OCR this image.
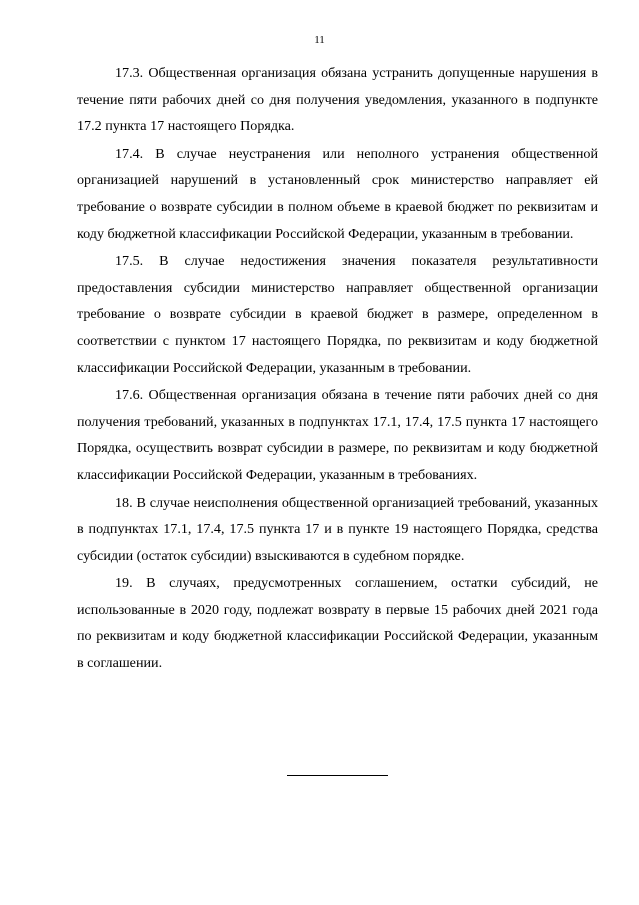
11

17.3. Общественная организация обязана устранить допущенные нарушения в течение пяти рабочих дней со дня получения уведомления, указанного в подпункте 17.2 пункта 17 настоящего Порядка.

17.4. В случае неустранения или неполного устранения общественной организацией нарушений в установленный срок министерство направляет ей требование о возврате субсидии в полном объеме в краевой бюджет по реквизитам и коду бюджетной классификации Российской Федерации, указанным в требовании.

17.5. В случае недостижения значения показателя результативности предоставления субсидии министерство направляет общественной организации требование о возврате субсидии в краевой бюджет в размере, определенном в соответствии с пунктом 17 настоящего Порядка, по реквизитам и коду бюджетной классификации Российской Федерации, указанным в требовании.

17.6. Общественная организация обязана в течение пяти рабочих дней со дня получения требований, указанных в подпунктах 17.1, 17.4, 17.5 пункта 17 настоящего Порядка, осуществить возврат субсидии в размере, по реквизитам и коду бюджетной классификации Российской Федерации, указанным в требованиях.

18. В случае неисполнения общественной организацией требований, указанных в подпунктах 17.1, 17.4, 17.5 пункта 17 и в пункте 19 настоящего Порядка, средства субсидии (остаток субсидии) взыскиваются в судебном порядке.

19. В случаях, предусмотренных соглашением, остатки субсидий, не использованные в 2020 году, подлежат возврату в первые 15 рабочих дней 2021 года по реквизитам и коду бюджетной классификации Российской Федерации, указанным в соглашении.
